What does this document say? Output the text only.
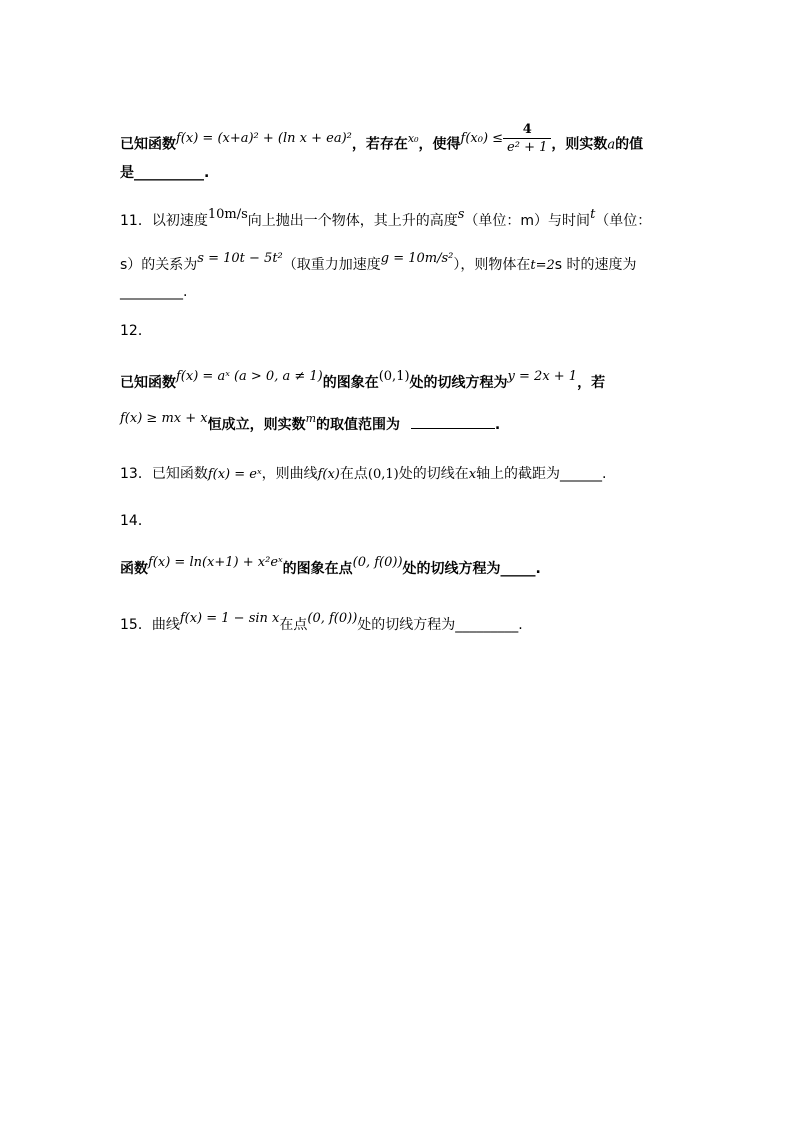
已知函数f(x) = (x+a)² + (ln x + ea)²，若存在$^{x_0}$，使得$f(x_0) \le \frac{4}{\text{e² + 1}}$ ，则实数a的值
是__________.
11．以初速度10m/s向上抛出一个物体，其上升的高度s（单位：m）与时间t（单位：
s）的关系为s = 10t − 5t²（取重力加速度g = 10m/s²），则物体在t=2s 时的速度为
_________.
12．
已知函数f(x) = aˣ (a > 0, a ≠ 1)的图象在(0,1)处的切线方程为y = 2x + 1，若
f(x) ≥ mx + x恒成立，则实数$^m$的取值范围为	.
13．已知函数f(x) = eˣ，则曲线f(x)在点(0,1)处的切线在x轴上的截距为______.
14．
函数f(x) = ln(x+1) + x²eˣ的图象在点(0, f(0))处的切线方程为_____.
15．曲线f(x) = 1 − sin x在点(0, f(0))处的切线方程为_________.
